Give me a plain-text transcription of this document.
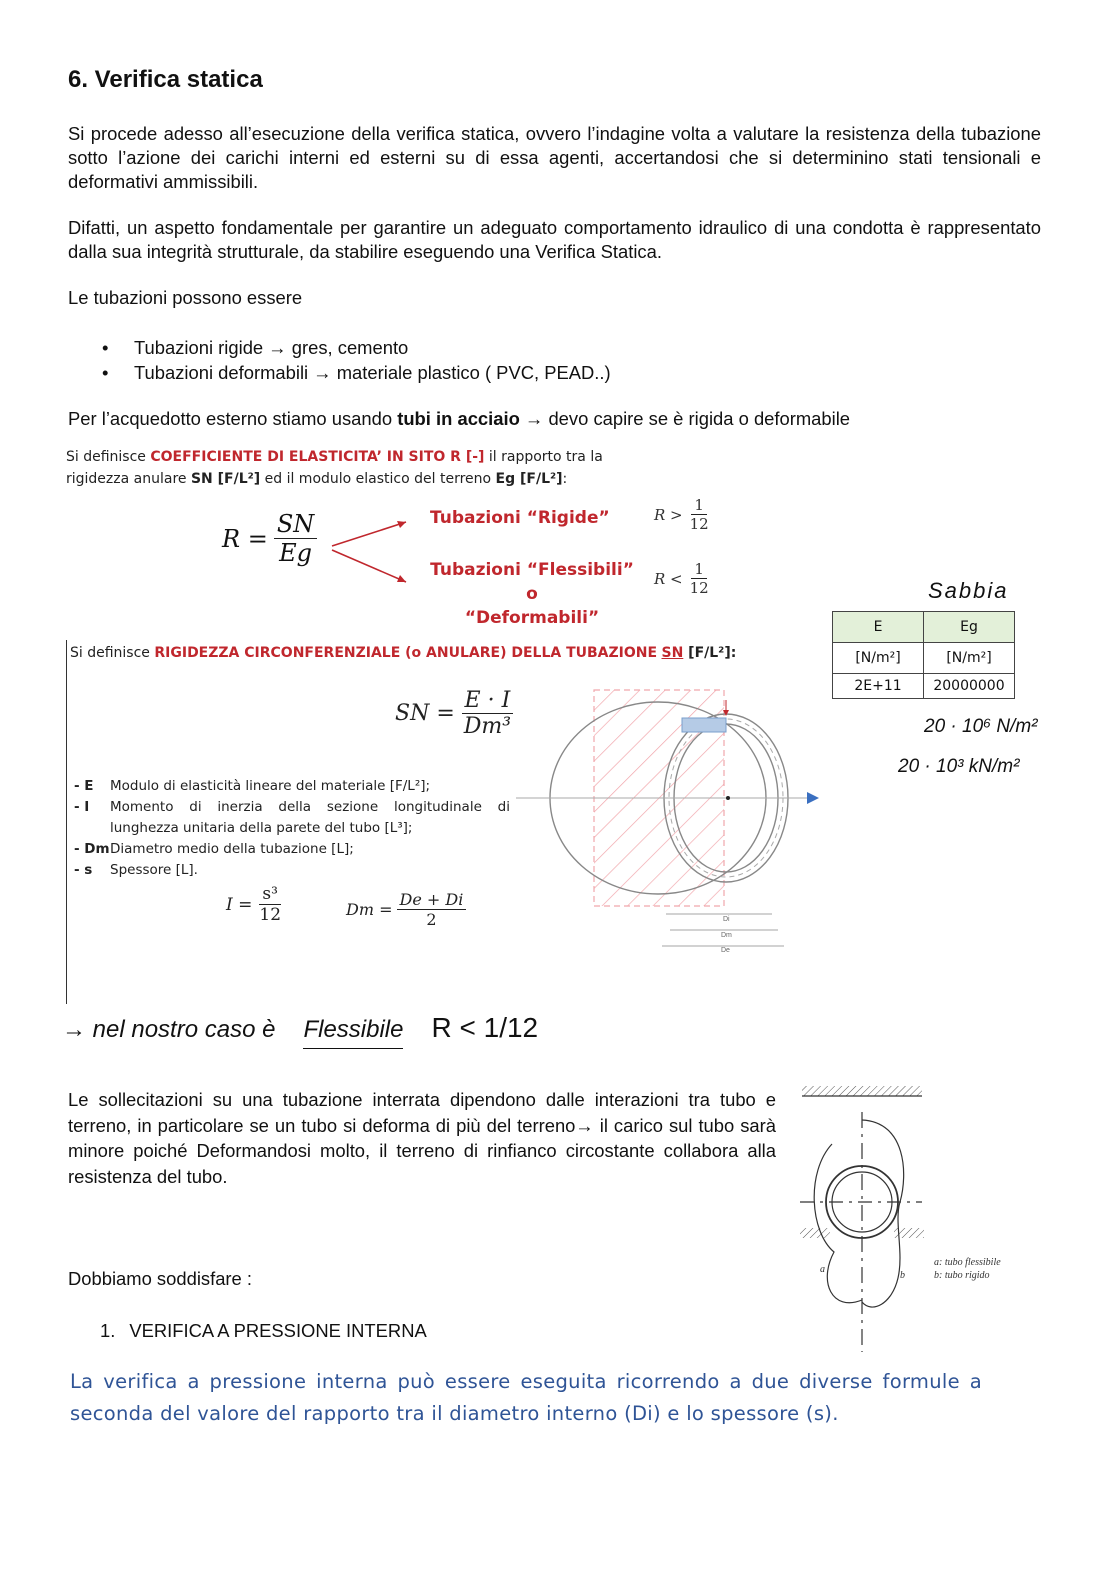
6. Verifica statica

Si procede adesso all’esecuzione della verifica statica, ovvero l’indagine volta a valutare la resistenza della tubazione sotto l’azione dei carichi interni ed esterni su di essa agenti, accertandosi che si determinino stati tensionali e deformativi ammissibili.

Difatti, un aspetto fondamentale per garantire un adeguato comportamento idraulico di una condotta è rappresentato dalla sua integrità strutturale, da stabilire eseguendo una Verifica Statica.

Le tubazioni possono essere

• Tubazioni rigide → gres, cemento
• Tubazioni deformabili → materiale plastico ( PVC, PEAD..)

Per l’acquedotto esterno stiamo usando tubi in acciaio → devo capire se è rigida o deformabile

Si definisce COEFFICIENTE DI ELASTICITA’ IN SITO R [-] il rapporto tra la
rigidezza anulare SN [F/L²] ed il modulo elastico del terreno Eg [F/L²]:
$R = \frac{SN}{Eg}$	Tubazioni “Rigide”
Tubazioni “Flessibili” o
“Deformabili”
$R > \frac{1}{12}$
$R < \frac{1}{12}$	Sabbia
E	Eg
[N/m²]	[N/m²]
2E+11	20000000
20 · 10⁶ N/m²
20 · 10³ kN/m²
Si definisce RIGIDEZZA CIRCONFERENZIALE (o ANULARE) DELLA TUBAZIONE SN [F/L²]:
SN = $\frac{E \cdot I}{\text{Dm³}}$
- E	Modulo di elasticità lineare del materiale [F/L²];
- I	Momento di inerzia della sezione longitudinale di lunghezza unitaria della parete del tubo [L³];
- Dm Diametro medio della tubazione [L];
- s	Spessore [L].
$I = \frac{\text{s³}}{12}$	$Dm = \frac{De + Di}{2}$	Di
Dm
De
→ nel nostro caso è Flessibile R < 1/12

Le sollecitazioni su una tubazione interrata dipendono dalle interazioni tra tubo e terreno, in particolare se un tubo si deforma di più del terreno→ il carico sul tubo sarà minore poiché Deformandosi molto, il terreno di rinfianco circostante collabora alla resistenza del tubo.

a
b
a: tubo flessibile
b: tubo rigido

Dobbiamo soddisfare :

1. VERIFICA A PRESSIONE INTERNA
La verifica a pressione interna può essere eseguita ricorrendo a due diverse formule a
seconda del valore del rapporto tra il diametro interno (Di) e lo spessore (s).
